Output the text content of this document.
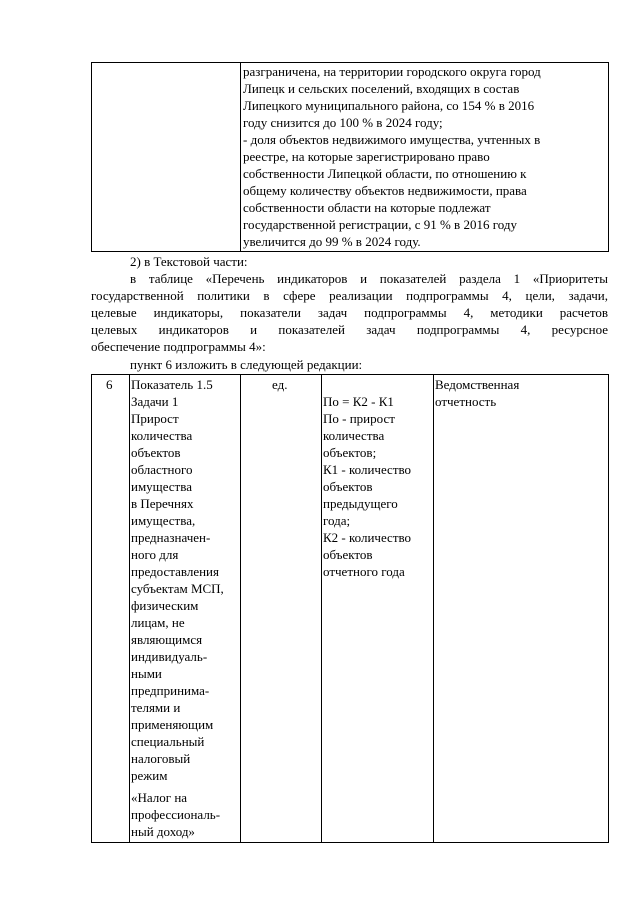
разграничена, на территории городского округа город
Липецк и сельских поселений, входящих в состав
Липецкого муниципального района, со 154 % в 2016
году снизится до 100 % в 2024 году;
- доля объектов недвижимого имущества, учтенных в
реестре, на которые зарегистрировано право
собственности Липецкой области, по отношению к
общему количеству объектов недвижимости, права
собственности области на которые подлежат
государственной регистрации, с 91 % в 2016 году
увеличится до 99 % в 2024 году.
2) в Текстовой части:
в таблице «Перечень индикаторов и показателей раздела 1 «Приоритеты
государственной политики в сфере реализации подпрограммы 4, цели, задачи,
целевые индикаторы, показатели задач подпрограммы 4, методики расчетов
целевых индикаторов и показателей задач подпрограммы 4, ресурсное
обеспечение подпрограммы 4»:
пункт 6 изложить в следующей редакции:
6 Показатель 1.5
Задачи 1
Прирост
количества
объектов
областного
имущества
в Перечнях
имущества,
предназначен-
ного для
предоставления
субъектам МСП,
физическим
лицам, не
являющимся
индивидуаль-
ными
предпринима-
телями и
применяющим
специальный
налоговый
режим
«Налог на
профессиональ-
ный доход»
ед.
По = К2 - К1
По - прирост
количества
объектов;
К1 - количество
объектов
предыдущего
года;
К2 - количество
объектов
отчетного года
Ведомственная
отчетность
